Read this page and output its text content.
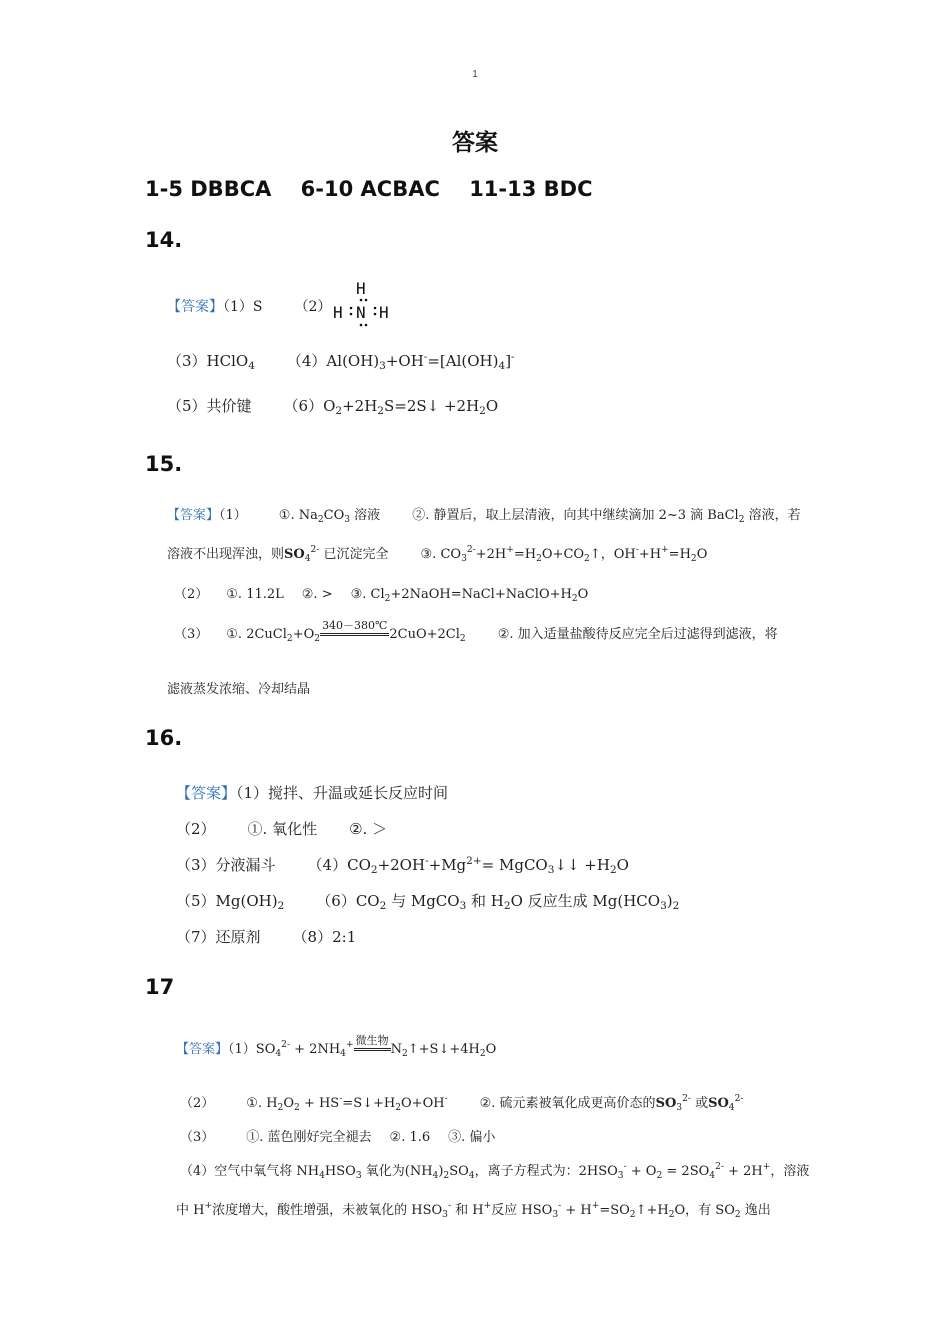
1
答案
1-5 DBBCA 6-10 ACBAC 11-13 BDC
14.
【答案】（1）S （2）
H
H N H
（3）HClO$_4$ $(4)Al(OH)_3+OH^-=[Al(OH)_4]^-$
（5）共价键 $(6)O_2+2H_2S=2S↓ +2H_2O$
15.
【答案】（1） ①. $Na_2CO_3$ 溶液 ②. 静置后，取上层清液，向其中继续滴加 2~3 滴 BaCl$_2$ 溶液，若
溶液不出现浑浊，则$SO_4^{2-}$ 已沉淀完全 ③. $CO_3^{2-}+2H^+=H_2O+CO_2↑$，$OH^-+H^+=H_2O$
（2） ①. 11.2L ②. > ③. $Cl_2+2NaOH=NaCl+NaClO+H_2O$
（3） ①. $2CuCl_2+O_2$
340－380℃
$2CuO+2Cl_2$ ②. 加入适量盐酸待反应完全后过滤得到滤液，将
滤液蒸发浓缩、冷却结晶
16.
【答案】（1）搅拌、升温或延长反应时间
（2） ①. 氧化性 ②. ＞
（3）分液漏斗 $(4)CO_2+2OH^-+Mg^{2+}=$ MgCO$_3$↓↓ $+H_2O$
$(5)Mg(OH)_2$ $(6)CO_2$ 与 MgCO$_3$ 和 $H_2O$ 反应生成 $Mg(HCO_3)_2$
（7）还原剂 （8）2:1
17
【答案】$(1)SO_4^{2-} + 2NH_4^+$ 微生物
$N_2↑+S↓+4H_2O$
（2） ①. $H_2O_2$ + $HS^-=S↓+H_2O+OH^-$ ②. 硫元素被氧化成更高价态的$SO_3^{2-}$ 或$SO_4^{2-}$
（3） ①. 蓝色刚好完全褪去 ②. 1.6 ③. 偏小
（4）空气中氧气将 $NH_4HSO_3$ 氧化为$(NH_4)_2SO_4$，离子方程式为：$2HSO_3^- + O_2 = 2SO_4^{2-} + 2H^+$，溶液
中 H+浓度增大，酸性增强，未被氧化的 $HSO_3^-$ 和 H+反应 $HSO_3^-$ + $H^+=SO_2↑+H_2O$，有 $SO_2$ 逸出
